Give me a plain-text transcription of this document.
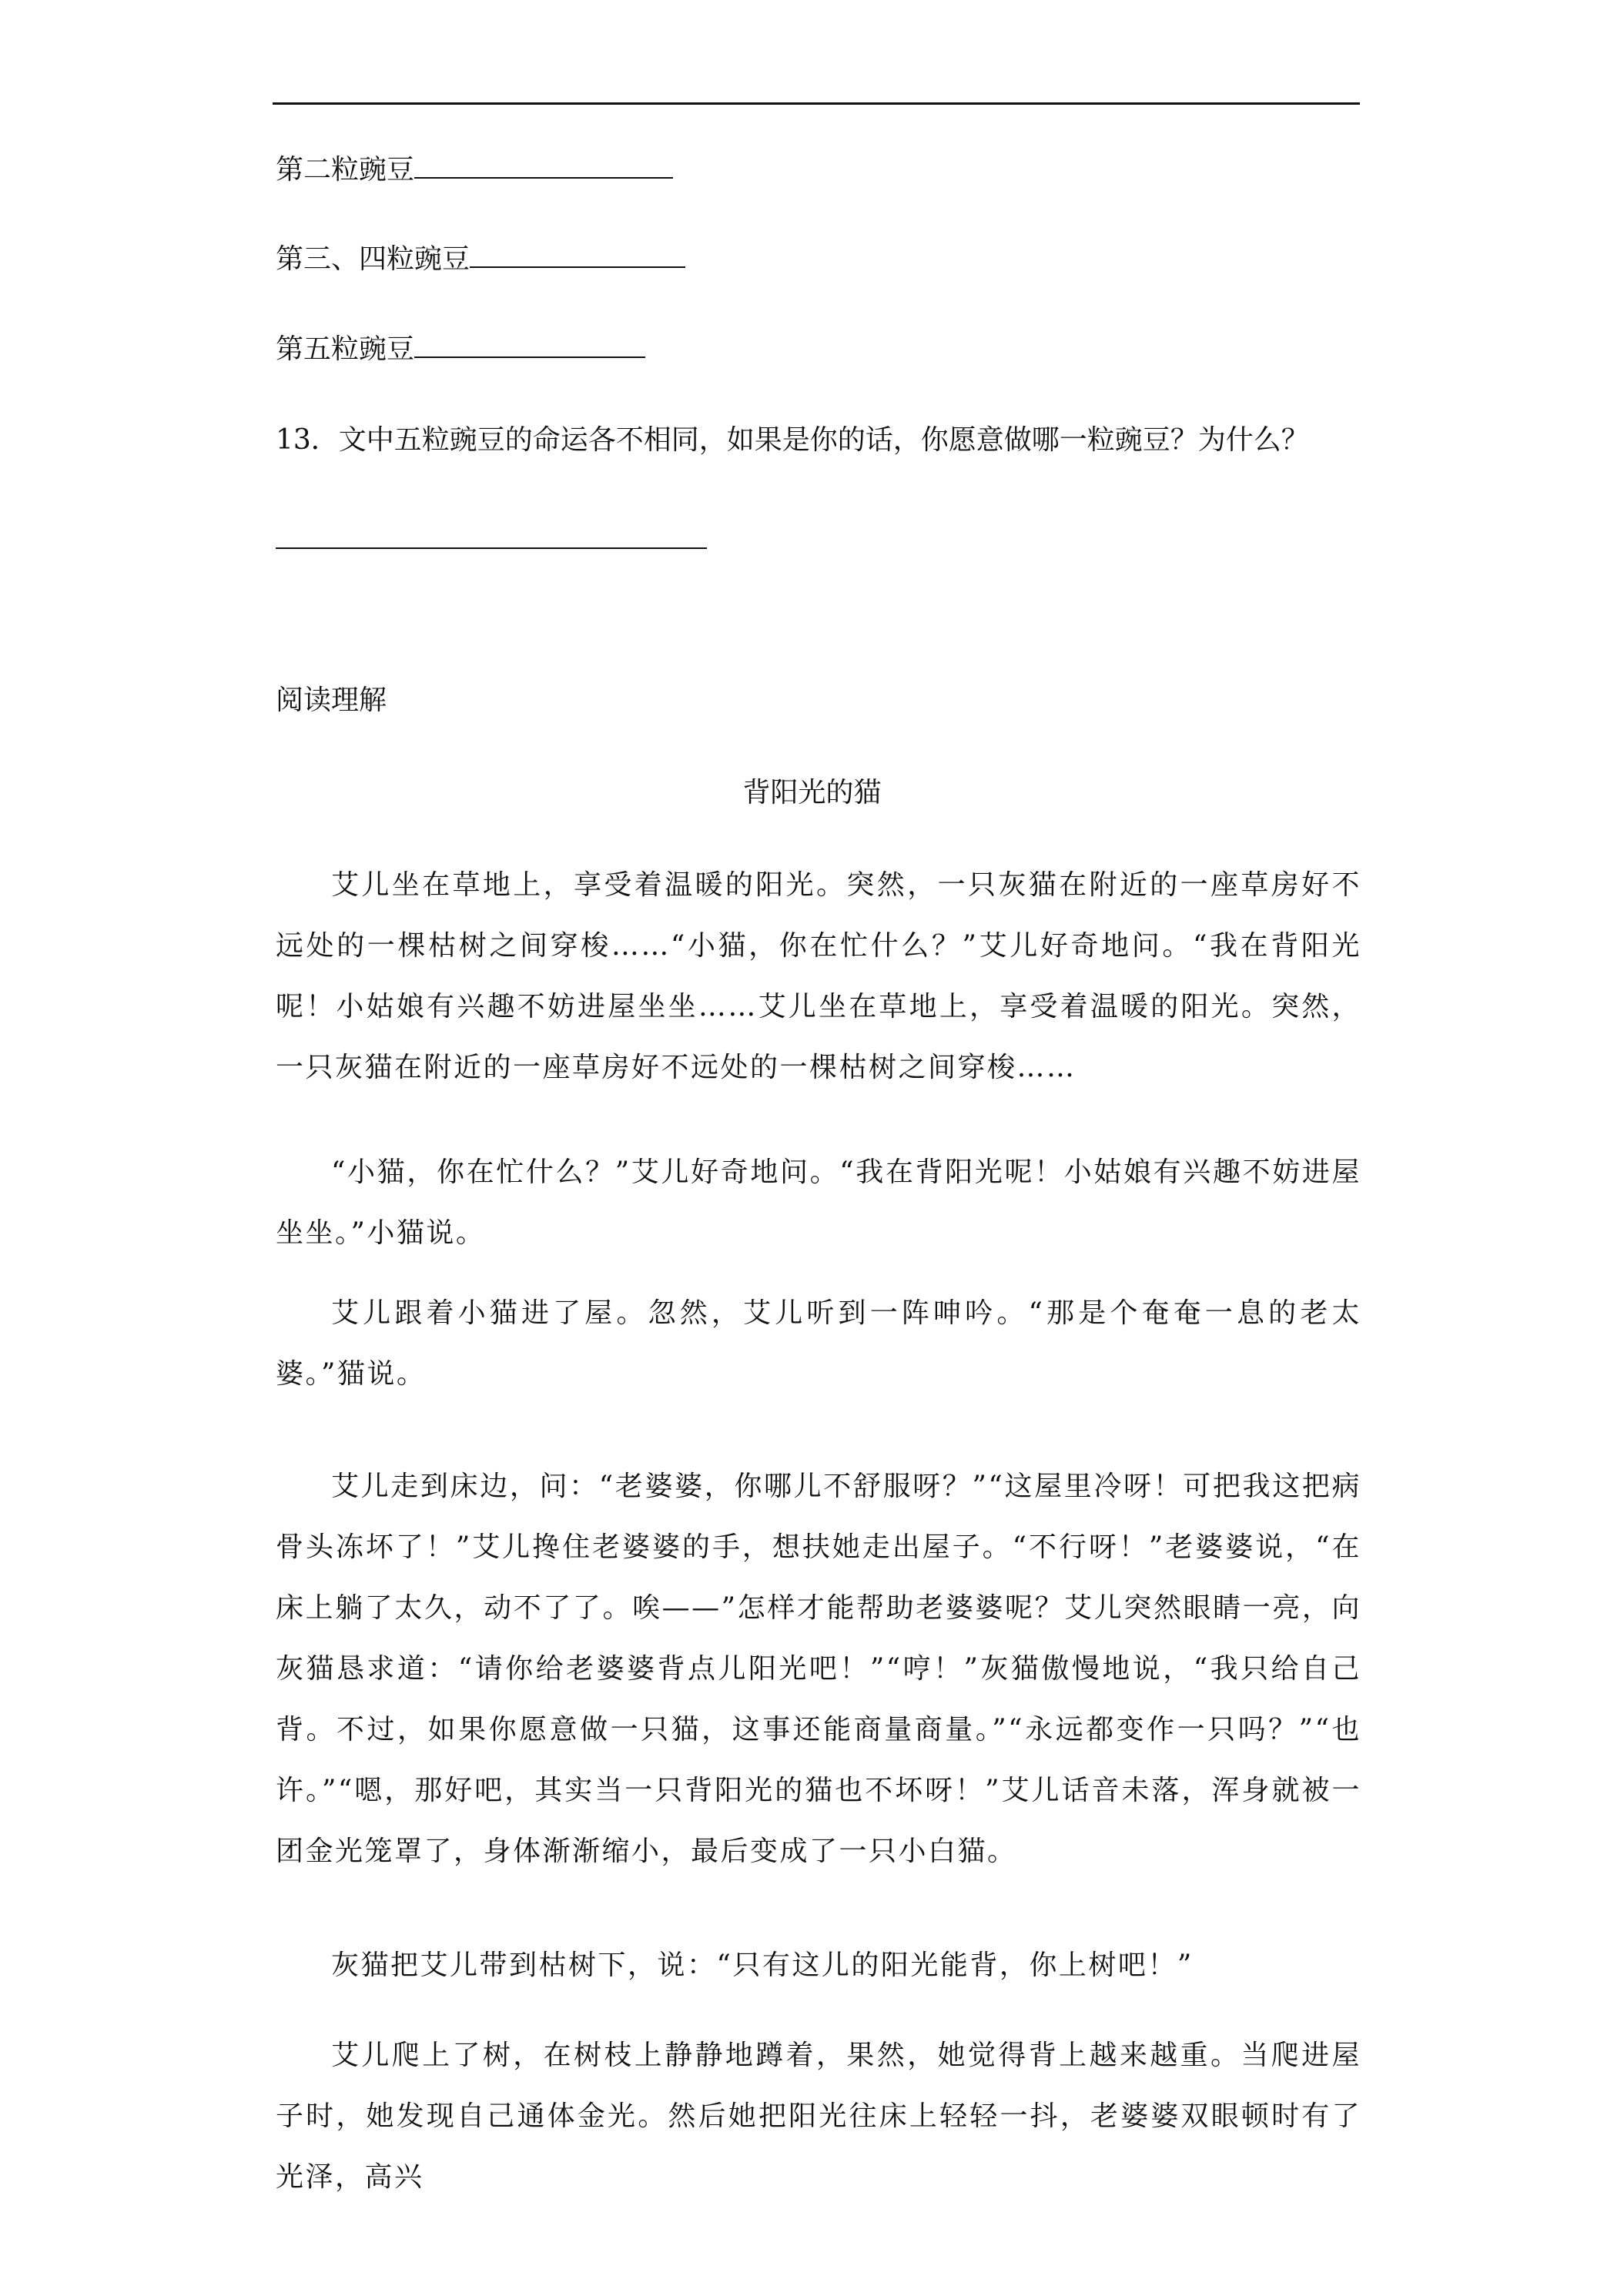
第二粒豌豆
第三、四粒豌豆
第五粒豌豆
13．文中五粒豌豆的命运各不相同，如果是你的话，你愿意做哪一粒豌豆？为什么？
阅读理解
背阳光的猫

艾儿坐在草地上，享受着温暖的阳光。突然，一只灰猫在附近的一座草房好不远处的一棵枯树之间穿梭……“小猫，你在忙什么？”艾儿好奇地问。“我在背阳光呢！小姑娘有兴趣不妨进屋坐坐……艾儿坐在草地上，享受着温暖的阳光。突然，一只灰猫在附近的一座草房好不远处的一棵枯树之间穿梭……

“小猫，你在忙什么？”艾儿好奇地问。“我在背阳光呢！小姑娘有兴趣不妨进屋坐坐。”小猫说。

艾儿跟着小猫进了屋。忽然，艾儿听到一阵呻吟。“那是个奄奄一息的老太婆。”猫说。

艾儿走到床边，问：“老婆婆，你哪儿不舒服呀？”“这屋里冷呀！可把我这把病骨头冻坏了！”艾儿搀住老婆婆的手，想扶她走出屋子。“不行呀！”老婆婆说，“在床上躺了太久，动不了了。唉——”怎样才能帮助老婆婆呢？艾儿突然眼睛一亮，向灰猫恳求道：“请你给老婆婆背点儿阳光吧！”“哼！”灰猫傲慢地说，“我只给自己背。不过，如果你愿意做一只猫，这事还能商量商量。”“永远都变作一只吗？”“也许。”“嗯，那好吧，其实当一只背阳光的猫也不坏呀！”艾儿话音未落，浑身就被一团金光笼罩了，身体渐渐缩小，最后变成了一只小白猫。

灰猫把艾儿带到枯树下，说：“只有这儿的阳光能背，你上树吧！”

艾儿爬上了树，在树枝上静静地蹲着，果然，她觉得背上越来越重。当爬进屋子时，她发现自己通体金光。然后她把阳光往床上轻轻一抖，老婆婆双眼顿时有了光泽，高兴
